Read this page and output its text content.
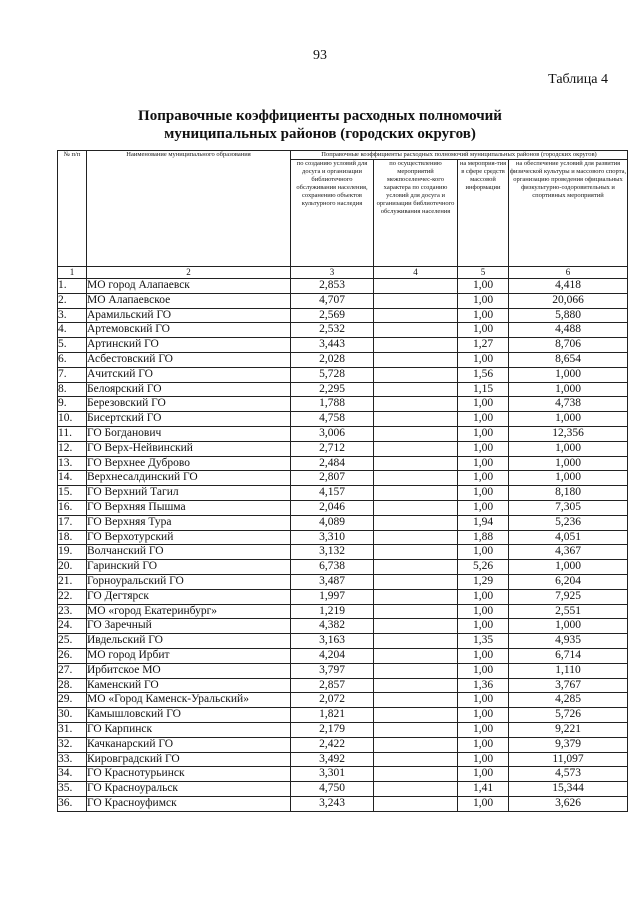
93
Таблица 4
Поправочные коэффициенты расходных полномочий
муниципальных районов (городских округов)
№ п/п	Наименование муниципального образования	Поправочные коэффициенты расходных полномочий муниципальных районов (городских округов)			
		по созданию условий для досуга и организации библиотечного обслуживания населения, сохранению объектов культурного наследия	по осуществлению мероприятий межпоселенчес-кого характера по созданию условий для досуга и организации библиотечного обслуживания населения	на мероприя-тия в сфере средств массовой информации	на обеспечение условий для развития физической культуры и массового спорта, организацию проведения официальных физкультурно-оздоровительных и спортивных мероприятий
1	2	3	4	5	6
1.	МО город Алапаевск	2,853		1,00	4,418
2.	МО Алапаевское	4,707		1,00	20,066
3.	Арамильский ГО	2,569		1,00	5,880
4.	Артемовский ГО	2,532		1,00	4,488
5.	Артинский ГО	3,443		1,27	8,706
6.	Асбестовский ГО	2,028		1,00	8,654
7.	Ачитский ГО	5,728		1,56	1,000
8.	Белоярский ГО	2,295		1,15	1,000
9.	Березовский ГО	1,788		1,00	4,738
10.	Бисертский ГО	4,758		1,00	1,000
11.	ГО Богданович	3,006		1,00	12,356
12.	ГО Верх-Нейвинский	2,712		1,00	1,000
13.	ГО Верхнее Дуброво	2,484		1,00	1,000
14.	Верхнесалдинский ГО	2,807		1,00	1,000
15.	ГО Верхний Тагил	4,157		1,00	8,180
16.	ГО Верхняя Пышма	2,046		1,00	7,305
17.	ГО Верхняя Тура	4,089		1,94	5,236
18.	ГО Верхотурский	3,310		1,88	4,051
19.	Волчанский ГО	3,132		1,00	4,367
20.	Гаринский ГО	6,738		5,26	1,000
21.	Горноуральский ГО	3,487		1,29	6,204
22.	ГО Дегтярск	1,997		1,00	7,925
23.	МО «город Екатеринбург»	1,219		1,00	2,551
24.	ГО Заречный	4,382		1,00	1,000
25.	Ивдельский ГО	3,163		1,35	4,935
26.	МО город Ирбит	4,204		1,00	6,714
27.	Ирбитское МО	3,797		1,00	1,110
28.	Каменский ГО	2,857		1,36	3,767
29.	МО «Город Каменск-Уральский»	2,072		1,00	4,285
30.	Камышловский ГО	1,821		1,00	5,726
31.	ГО Карпинск	2,179		1,00	9,221
32.	Качканарский ГО	2,422		1,00	9,379
33.	Кировградский ГО	3,492		1,00	11,097
34.	ГО Краснотурьинск	3,301		1,00	4,573
35.	ГО Красноуральск	4,750		1,41	15,344
36.	ГО Красноуфимск	3,243		1,00	3,626
